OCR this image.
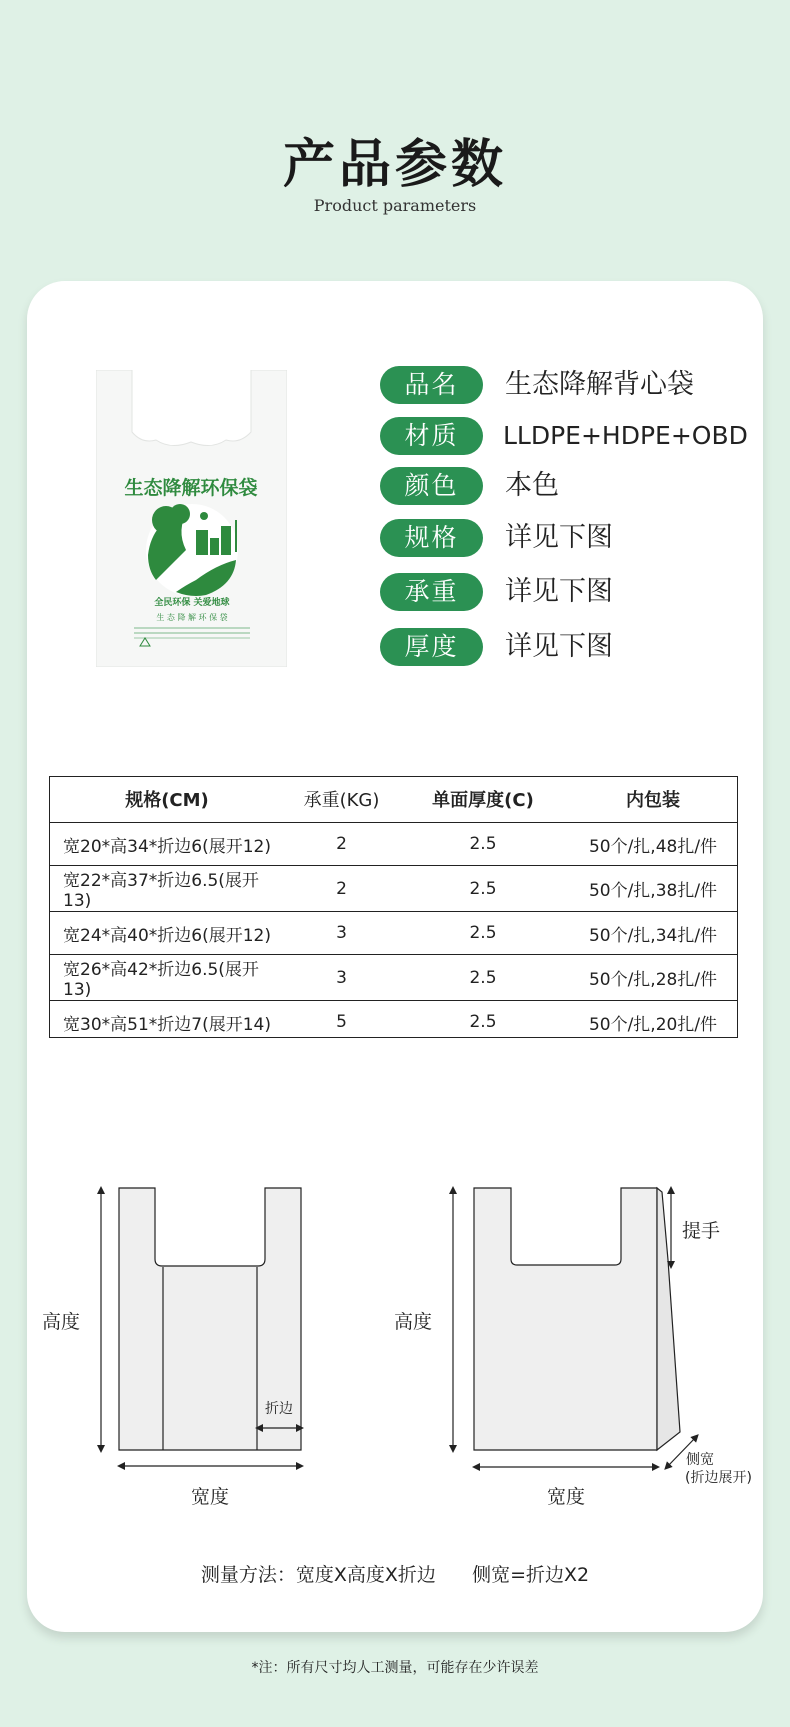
产品参数
Product parameters
生态降解环保袋
全民环保 关爱地球
生 态 降 解 环 保 袋
品名	生态降解背心袋
材质	LLDPE+HDPE+OBD
颜色	本色
规格	详见下图
承重	详见下图
厚度	详见下图
规格(CM)	承重(KG)	单面厚度(C)	内包装
宽20*高34*折边6(展开12)	2	2.5	50个/扎,48扎/件
宽22*高37*折边6.5(展开13)	2	2.5	50个/扎,38扎/件
宽24*高40*折边6(展开12)	3	2.5	50个/扎,34扎/件
宽26*高42*折边6.5(展开13)	3	2.5	50个/扎,28扎/件
宽30*高51*折边7(展开14)	5	2.5	50个/扎,20扎/件
高度
宽度
折边
高度
宽度
提手
侧宽
(折边展开)
测量方法：宽度X高度X折边 侧宽=折边X2
*注：所有尺寸均人工测量，可能存在少许误差
